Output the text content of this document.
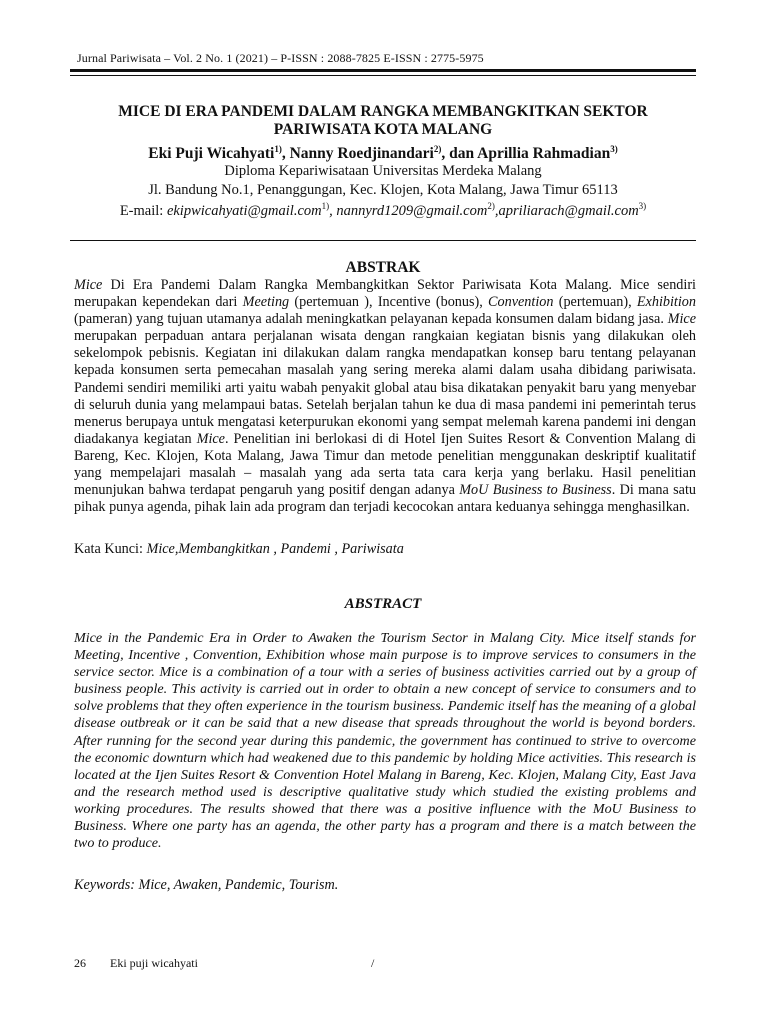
Jurnal Pariwisata – Vol. 2 No. 1 (2021) – P-ISSN : 2088-7825 E-ISSN : 2775-5975
MICE DI ERA PANDEMI DALAM RANGKA MEMBANGKITKAN SEKTOR
PARIWISATA KOTA MALANG
Eki Puji Wicahyati$^{1)}$, Nanny Roedjinandari$^{2)}$, dan Aprillia Rahmadian$^{3)}$
Diploma Kepariwisataan Universitas Merdeka Malang
Jl. Bandung No.1, Penanggungan, Kec. Klojen, Kota Malang, Jawa Timur 65113
E-mail: ekipwicahyati@gmail.com$^{1)}$, nannyrd1209@gmail.com$^{2)}$,apriliarach@gmail.com$^{3)}$
ABSTRAK
Mice Di Era Pandemi Dalam Rangka Membangkitkan Sektor Pariwisata Kota Malang. Mice sendiri merupakan kependekan dari Meeting (pertemuan ), Incentive (bonus), Convention (pertemuan), Exhibition (pameran) yang tujuan utamanya adalah meningkatkan pelayanan kepada konsumen dalam bidang jasa. Mice merupakan perpaduan antara perjalanan wisata dengan rangkaian kegiatan bisnis yang dilakukan oleh sekelompok pebisnis. Kegiatan ini dilakukan dalam rangka mendapatkan konsep baru tentang pelayanan kepada konsumen serta pemecahan masalah yang sering mereka alami dalam usaha dibidang pariwisata. Pandemi sendiri memiliki arti yaitu wabah penyakit global atau bisa dikatakan penyakit baru yang menyebar di seluruh dunia yang melampaui batas. Setelah berjalan tahun ke dua di masa pandemi ini pemerintah terus menerus berupaya untuk mengatasi keterpurukan ekonomi yang sempat melemah karena pandemi ini dengan diadakanya kegiatan Mice. Penelitian ini berlokasi di di Hotel Ijen Suites Resort & Convention Malang di Bareng, Kec. Klojen, Kota Malang, Jawa Timur dan metode penelitian menggunakan deskriptif kualitatif yang mempelajari masalah – masalah yang ada serta tata cara kerja yang berlaku. Hasil penelitian menunjukan bahwa terdapat pengaruh yang positif dengan adanya MoU Business to Business. Di mana satu pihak punya agenda, pihak lain ada program dan terjadi kecocokan antara keduanya sehingga menghasilkan.
Kata Kunci: Mice,Membangkitkan , Pandemi , Pariwisata
ABSTRACT
Mice in the Pandemic Era in Order to Awaken the Tourism Sector in Malang City. Mice itself stands for Meeting, Incentive , Convention, Exhibition whose main purpose is to improve services to consumers in the service sector. Mice is a combination of a tour with a series of business activities carried out by a group of business people. This activity is carried out in order to obtain a new concept of service to consumers and to solve problems that they often experience in the tourism business. Pandemic itself has the meaning of a global disease outbreak or it can be said that a new disease that spreads throughout the world is beyond borders. After running for the second year during this pandemic, the government has continued to strive to overcome the economic downturn which had weakened due to this pandemic by holding Mice activities. This research is located at the Ijen Suites Resort & Convention Hotel Malang in Bareng, Kec. Klojen, Malang City, East Java and the research method used is descriptive qualitative study which studied the existing problems and working procedures. The results showed that there was a positive influence with the MoU Business to Business. Where one party has an agenda, the other party has a program and there is a match between the two to produce.
Keywords: Mice, Awaken, Pandemic, Tourism.
26 Eki puji wicahyati	/
